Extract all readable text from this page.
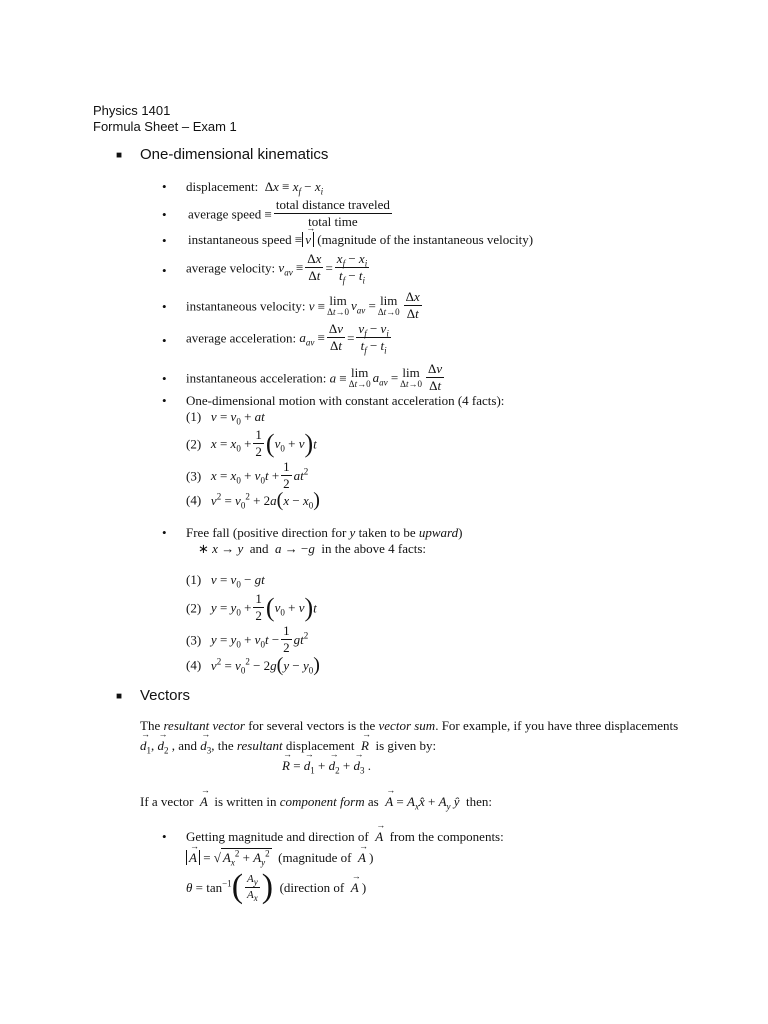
Physics 1401
Formula Sheet – Exam 1
■ One-dimensional kinematics
• displacement:  $\Delta x \equiv x_f - x_i$
• average speed ≡ $\frac{\text{total distance traveled}}{\text{total time}}$
• instantaneous speed ≡ → v (magnitude of the instantaneous velocity)
• average velocity: $v_{av} \equiv \frac{\Delta x}{\Delta t} = \frac{x_f - x_i}{t_f - t_i}$
• instantaneous velocity: v ≡ lim
Δt→0 $v_{av} = \lim$
$\Delta t\to 0 \frac{\Delta x}{\Delta t}$
• average acceleration: $a_{av} \equiv \frac{\Delta v}{\Delta t} = \frac{v_f - v_i}{t_f - t_i}$
• instantaneous acceleration: a ≡ lim
Δt→0 $a_{av} = \lim$
$\Delta t\to 0 \frac{\Delta v}{\Delta t}$
• One-dimensional motion with constant acceleration (4 facts):
(1) $v = v_0$ + at
(2) $x = x_0 + \frac{1}{2} (v_0 + v)t$
(3) $x = x_0 + v_0t + \frac{1}{2} at^2$
(4) $v^2 = v_0^2 + 2a(x - x_0)$
• Free fall (positive direction for y taken to be upward)
∗ x → y and a → −g in the above 4 facts:
(1) $v = v_0$ − gt
(2) $y = y_0 + \frac{1}{2} (v_0 + v)t$
(3) $y = y_0 + v_0t - \frac{1}{2} gt^2$
(4) $v^2 = v_0^2 - 2g(y - y_0)$
■ Vectors
The resultant vector for several vectors is the vector sum. For example, if you have three displacements
→ $d_1$, → $d_2$ , and → $d_3$, the resultant displacement → R is given by:
→ R = → $d_1$ + → $d_2$ + → $d_3$ .
If a vector → A is written in component form as → $A = A_xx̂ + A_y$ ŷ then:
• Getting magnitude and direction of → A from the components:
→ A = √ $A_x^2 + A_y^2$ (magnitude of → A )
$\theta = \tan^{-1}( \frac{A_y}{A_x}$ ) (direction of → A )
